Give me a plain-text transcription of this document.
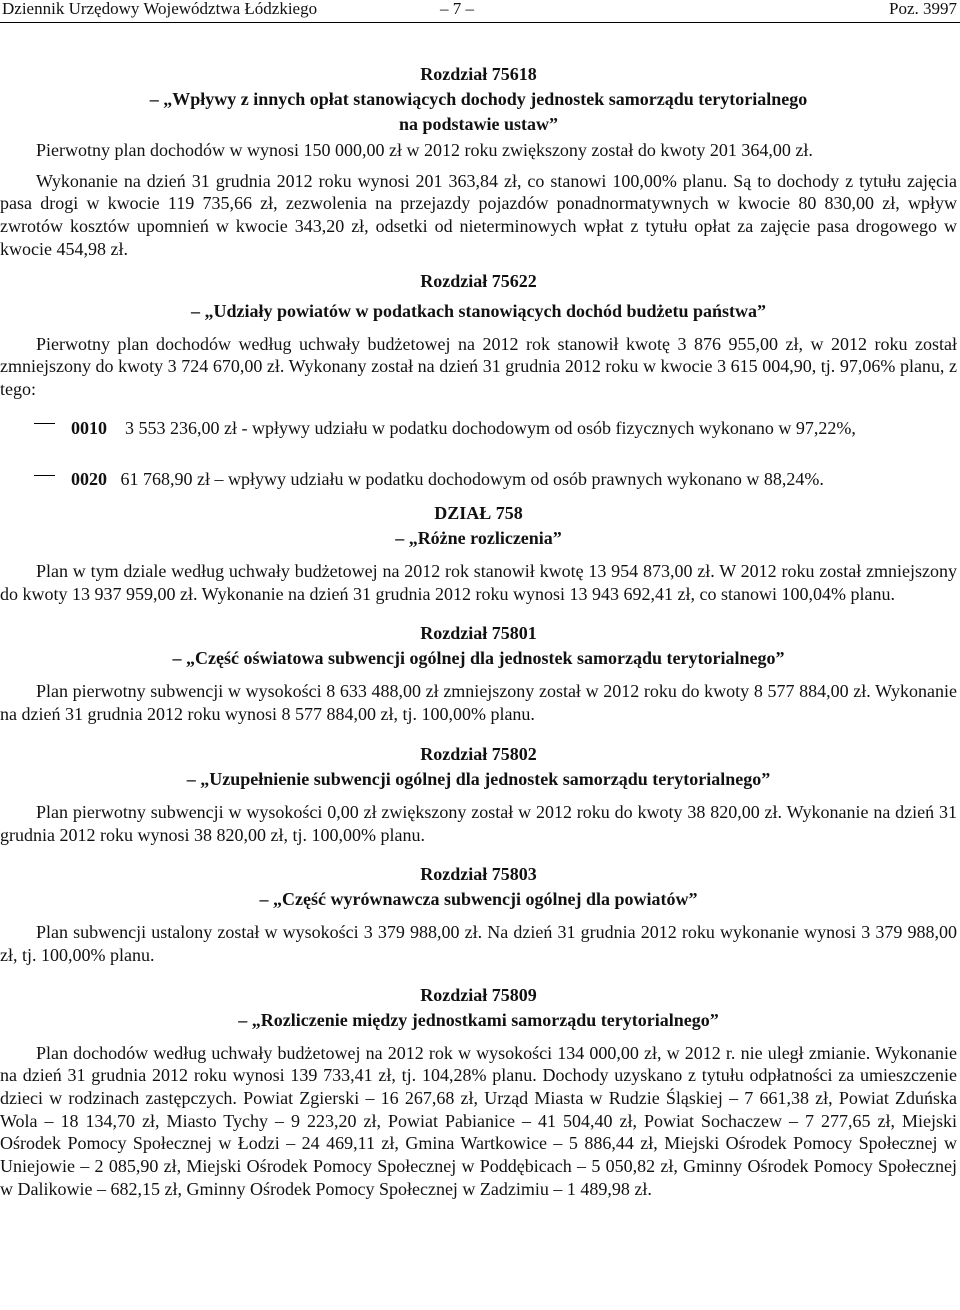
Dziennik Urzędowy Województwa Łódzkiego	– 7 –	Poz. 3997
Rozdział 75618
– „Wpływy z innych opłat stanowiących dochody jednostek samorządu terytorialnego
na podstawie ustaw”

Pierwotny plan dochodów w wynosi 150 000,00 zł w 2012 roku zwiększony został do kwoty 201 364,00 zł.

Wykonanie na dzień 31 grudnia 2012 roku wynosi 201 363,84 zł, co stanowi 100,00% planu. Są to dochody z tytułu zajęcia pasa drogi w kwocie 119 735,66 zł, zezwolenia na przejazdy pojazdów ponadnormatywnych w kwocie 80 830,00 zł, wpływ zwrotów kosztów upomnień w kwocie 343,20 zł, odsetki od nieterminowych wpłat z tytułu opłat za zajęcie pasa drogowego w kwocie 454,98 zł.

Rozdział 75622
– „Udziały powiatów w podatkach stanowiących dochód budżetu państwa”

Pierwotny plan dochodów według uchwały budżetowej na 2012 rok stanowił kwotę 3 876 955,00 zł, w 2012 roku został zmniejszony do kwoty 3 724 670,00 zł. Wykonany został na dzień 31 grudnia 2012 roku w kwocie 3 615 004,90, tj. 97,06% planu, z tego:

0010 3 553 236,00 zł - wpływy udziału w podatku dochodowym od osób fizycznych wykonano w 97,22%,

0020 61 768,90 zł – wpływy udziału w podatku dochodowym od osób prawnych wykonano w 88,24%.

DZIAŁ 758
– „Różne rozliczenia”

Plan w tym dziale według uchwały budżetowej na 2012 rok stanowił kwotę 13 954 873,00 zł. W 2012 roku został zmniejszony do kwoty 13 937 959,00 zł. Wykonanie na dzień 31 grudnia 2012 roku wynosi 13 943 692,41 zł, co stanowi 100,04% planu.

Rozdział 75801
– „Część oświatowa subwencji ogólnej dla jednostek samorządu terytorialnego”

Plan pierwotny subwencji w wysokości 8 633 488,00 zł zmniejszony został w 2012 roku do kwoty 8 577 884,00 zł. Wykonanie na dzień 31 grudnia 2012 roku wynosi 8 577 884,00 zł, tj. 100,00% planu.

Rozdział 75802
– „Uzupełnienie subwencji ogólnej dla jednostek samorządu terytorialnego”

Plan pierwotny subwencji w wysokości 0,00 zł zwiększony został w 2012 roku do kwoty 38 820,00 zł. Wykonanie na dzień 31 grudnia 2012 roku wynosi 38 820,00 zł, tj. 100,00% planu.

Rozdział 75803
– „Część wyrównawcza subwencji ogólnej dla powiatów”

Plan subwencji ustalony został w wysokości 3 379 988,00 zł. Na dzień 31 grudnia 2012 roku wykonanie wynosi 3 379 988,00 zł, tj. 100,00% planu.

Rozdział 75809
– „Rozliczenie między jednostkami samorządu terytorialnego”

Plan dochodów według uchwały budżetowej na 2012 rok w wysokości 134 000,00 zł, w 2012 r. nie uległ zmianie. Wykonanie na dzień 31 grudnia 2012 roku wynosi 139 733,41 zł, tj. 104,28% planu. Dochody uzyskano z tytułu odpłatności za umieszczenie dzieci w rodzinach zastępczych. Powiat Zgierski – 16 267,68 zł, Urząd Miasta w Rudzie Śląskiej – 7 661,38 zł, Powiat Zduńska Wola – 18 134,70 zł, Miasto Tychy – 9 223,20 zł, Powiat Pabianice – 41 504,40 zł, Powiat Sochaczew – 7 277,65 zł, Miejski Ośrodek Pomocy Społecznej w Łodzi – 24 469,11 zł, Gmina Wartkowice – 5 886,44 zł, Miejski Ośrodek Pomocy Społecznej w Uniejowie – 2 085,90 zł, Miejski Ośrodek Pomocy Społecznej w Poddębicach – 5 050,82 zł, Gminny Ośrodek Pomocy Społecznej w Dalikowie – 682,15 zł, Gminny Ośrodek Pomocy Społecznej w Zadzimiu – 1 489,98 zł.
